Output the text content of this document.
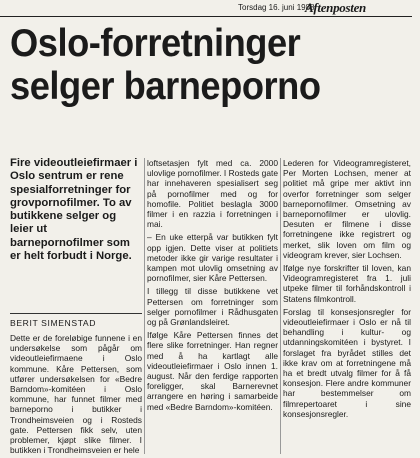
Torsdag 16. juni 1988
Aftenposten
Oslo-forretninger selger barneporno

Fire videoutleiefirmaer i Oslo sentrum er rene spesialforretninger for grovpornofilmer. To av butikkene selger og leier ut barnepornofilmer som er helt forbudt i Norge.

BERIT SIMENSTAD

Dette er de foreløbige funnene i en undersøkelse som pågår om videoutleiefirmaene i Oslo kommune. Kåre Pettersen, som utfører undersøkelsen for «Bedre Barndom»-komitéen i Oslo kommune, har funnet filmer med barneporno i butikker i Trondheimsveien og i Rosteds gate. Pettersen fikk selv, uten problemer, kjøpt slike filmer. I butikken i Trondheimsveien er hele

loftsetasjen fylt med ca. 2000 ulovlige pornofilmer. I Rosteds gate har innehaveren spesialisert seg på pornofilmer med og for homofile. Politiet beslagla 3000 filmer i en razzia i forretningen i mai.

– En uke etterpå var butikken fylt opp igjen. Dette viser at politiets metoder ikke gir varige resultater i kampen mot ulovlig omsetning av pornofilmer, sier Kåre Pettersen.

I tillegg til disse butikkene vet Pettersen om forretninger som selger pornofilmer i Rådhusgaten og på Grønlandsleiret.

Ifølge Kåre Pettersen finnes det flere slike forretninger. Han regner med å ha kartlagt alle videoutleiefirmaer i Oslo innen 1. august. Når den ferdige rapporten foreligger, skal Barnerevnet arrangere en høring i samarbeide med «Bedre Barndom»-komitéen.

Lederen for Videogramregisteret, Per Morten Lochsen, mener at politiet må gripe mer aktivt inn overfor forretninger som selger barnepornofilmer. Omsetning av barnepornofilmer er ulovlig. Desuten er filmene i disse forretningene ikke registrert og merket, slik loven om film og videogram krever, sier Lochsen.

Ifølge nye forskrifter til loven, kan Videogramregisteret fra 1. juli utpeke filmer til forhåndskontroll i Statens filmkontroll.

Forslag til konsesjonsregler for videoutleiefirmaer i Oslo er nå til behandling i kultur- og utdanningskomitéen i bystyret. I forslaget fra byrådet stilles det ikke krav om at forretningene må ha et bredt utvalg filmer for å få konsesjon. Flere andre kommuner har bestemmelser om filmrepertoaret i sine konsesjonsregler.
